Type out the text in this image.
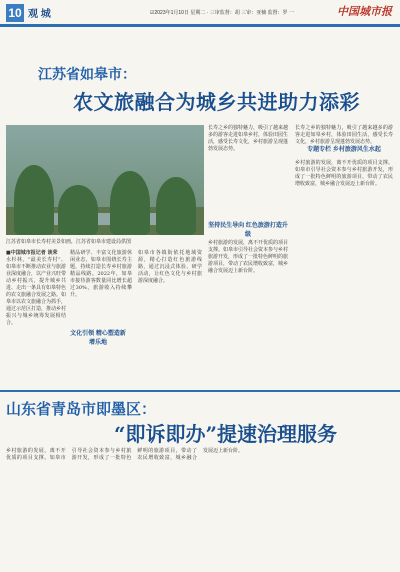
10 观 城	☑2023年1月10日 星期二 · 三审监督：胡 三审：亚楠 监督：罗 一	中国城市报
江苏省如皋市：
农文旅融合为城乡共进助力添彩
江苏省如皋市长寿村美景如画，江苏省如皋市建设局供图
■中国城市报记者 谈荣
水杉林，“最美长寿村”、如皋市不断推动农业与旅游业深度融合，以产业兴旺带动乡村振兴，提升城乡共进、走出一条具有如皋特色的农文旅融合发展之路。如皋市以农文旅融合为抓手，通过示范区打造，推动乡村振兴与城乡统筹发展相结合。
文化引领 精心塑造新增乐地
精品研学、丰富文化旅游休闲业态，如皋市围绕长寿主题，持续打造长寿乡村旅游精品线路。2022年，如皋市接待游客数量同比增长超过30%，旅游收入持续攀升。
如皋市各镇街依托地域资源，精心打造红色旅游线路，通过沉浸式体验、研学活动，让红色文化与乡村旅游深度融合。
坚持民生导向 红色旅游打造升级
长寿之乡的独特魅力，吸引了越来越多的游客走进如皋乡村，体验田园生活，感受长寿文化，乡村旅游呈现蓬勃发展态势。
乡村旅游的发展，离不开优质的项目支撑。如皋市引导社会资本参与乡村旅游开发，形成了一批特色鲜明的旅游项目，带动了农民增收致富，城乡融合发展迈上新台阶。
专题专栏 乡村旅游风生水起
长寿之乡的独特魅力，吸引了越来越多的游客走进如皋乡村，体验田园生活，感受长寿文化，乡村旅游呈现蓬勃发展态势。
乡村旅游的发展，离不开优质的项目支撑。如皋市引导社会资本参与乡村旅游开发，形成了一批特色鲜明的旅游项目，带动了农民增收致富，城乡融合发展迈上新台阶。
山东省青岛市即墨区：
“即诉即办”提速治理服务
乡村旅游的发展，离不开优质的项目支撑。如皋市引导社会资本参与乡村旅游开发，形成了一批特色鲜明的旅游项目，带动了农民增收致富，城乡融合发展迈上新台阶。
